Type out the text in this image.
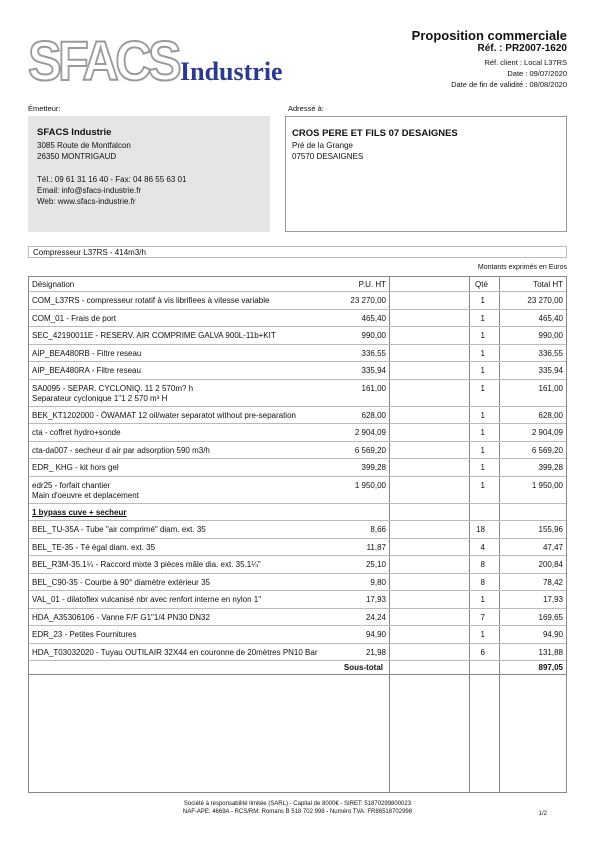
SFACS Industrie
Proposition commerciale
Réf. : PR2007-1620
Réf. client : Local L37RS
Date : 09/07/2020
Date de fin de validité : 08/08/2020
Émetteur:	Adressé à:
SFACS Industrie
3085 Route de Montfalcon
26350 MONTRIGAUD
Tél.: 09 61 31 16 40 - Fax: 04 86 55 63 01
Email: info@sfacs-industrie.fr
Web: www.sfacs-industrie.fr
CROS PERE ET FILS 07 DESAIGNES
Pré de la Grange
07570 DESAIGNES
Compresseur L37RS - 414m3/h
Montants exprimés en Euros
Désignation	P.U. HT	Qté	Total HT
COM_L37RS - compresseur rotatif à vis librifiees à vitesse variable	23 270,00	1	23 270,00
COM_01 - Frais de port	465,40	1	465,40
SEC_42190011E - RESERV. AIR COMPRIME GALVA 900L-11b+KIT	990,00	1	990,00
AIP_BEA480RB - Filtre reseau	336,55	1	336,55
AIP_BEA480RA - Filtre reseau	335,94	1	335,94
SA0095 - SEPAR. CYCLONIQ. 11 2 570m? h
Separateur cyclonique 1"1 2 570 m³ H
161,00	1	161,00
BEK_KT1202000 - ÖWAMAT 12 oil/water separatot without pre-separation	628,00	1	628,00
cta - coffret hydro+sonde	2 904,09	1	2 904,09
cta-da007 - secheur d air par adsorption 590 m3/h	6 569,20	1	6 569,20
EDR_ KHG - kit hors gel	399,28	1	399,28
edr25 - forfait chantier
Main d'oeuvre et deplacement
1 950,00	1	1 950,00
1 bypass cuve + secheur
BEL_TU-35A - Tube "air comprimé" diam. ext. 35	8,66	18	155,96
BEL_TE-35 - Té égal diam. ext. 35	11,87	4	47,47
BEL_R3M-35.1¼ - Raccord mixte 3 pièces mâle dia. ext. 35.1¼"	25,10	8	200,84
BEL_C90-35 - Courbe à 90° diamètre extérieur 35	9,80	8	78,42
VAL_01 - dilatoflex vulcanisé nbr avec renfort interne en nylon 1"	17,93	1	17,93
HDA_A35306106 - Vanne F/F G1"1/4 PN30 DN32	24,24	7	169,65
EDR_23 - Petites Fournitures	94,90	1	94,90
HDA_T03032020 - Tuyau OUTILAIR 32X44 en couronne de 20mètres PN10 Bar	21,98	6	131,88
Sous-total	897,05
Société à responsabilité limitée (SARL) - Capital de 8000€ - SIRET: 51870299800023
NAF-APE: 4669A - RCS/RM: Romans B 518 702 998 - Numéro TVA: FR86518702998	1/2
